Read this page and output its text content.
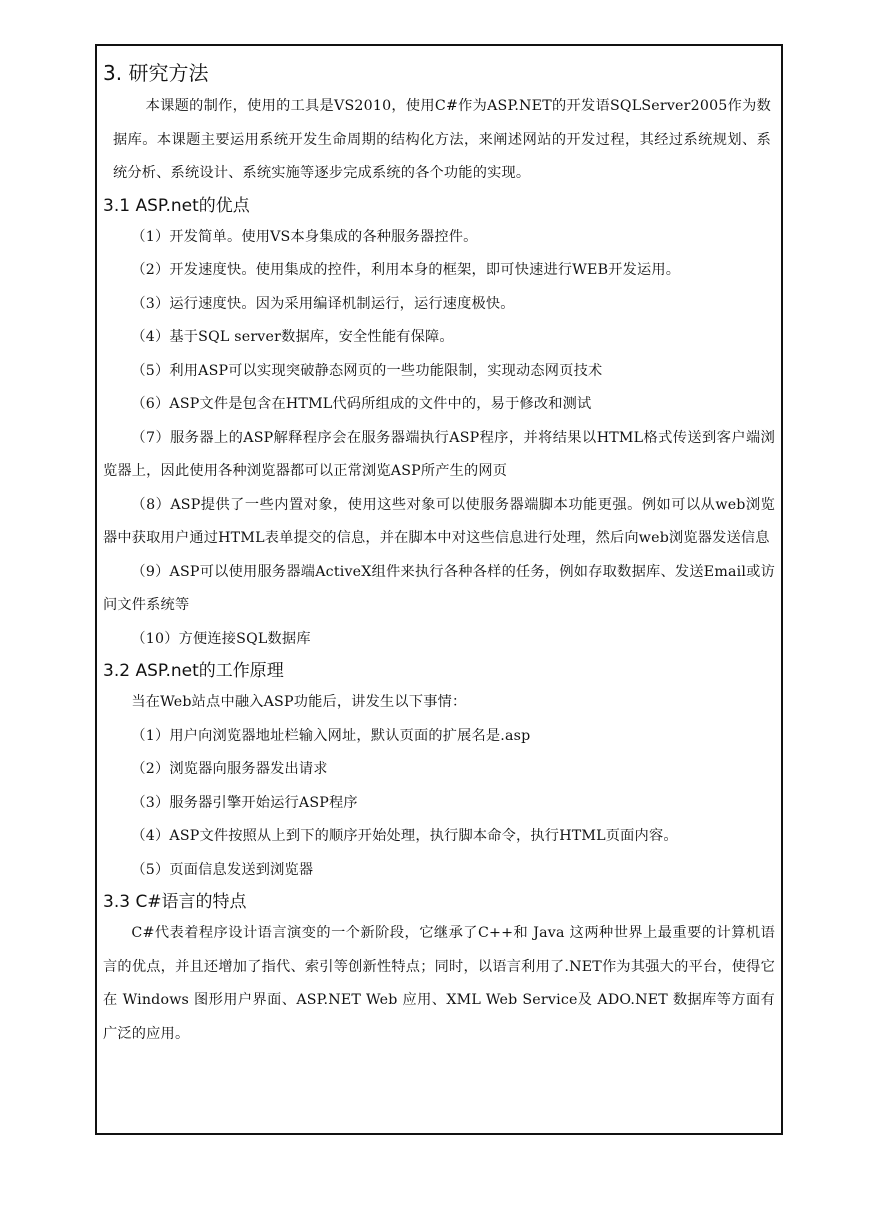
3. 研究方法

本课题的制作，使用的工具是VS2010，使用C#作为ASP.NET的开发语SQLServer2005作为数据库。本课题主要运用系统开发生命周期的结构化方法，来阐述网站的开发过程，其经过系统规划、系统分析、系统设计、系统实施等逐步完成系统的各个功能的实现。

3.1 ASP.net的优点

（1）开发简单。使用VS本身集成的各种服务器控件。

（2）开发速度快。使用集成的控件，利用本身的框架，即可快速进行WEB开发运用。

（3）运行速度快。因为采用编译机制运行，运行速度极快。

（4）基于SQL server数据库，安全性能有保障。

（5）利用ASP可以实现突破静态网页的一些功能限制，实现动态网页技术

（6）ASP文件是包含在HTML代码所组成的文件中的，易于修改和测试

（7）服务器上的ASP解释程序会在服务器端执行ASP程序，并将结果以HTML格式传送到客户端浏览器上，因此使用各种浏览器都可以正常浏览ASP所产生的网页

（8）ASP提供了一些内置对象，使用这些对象可以使服务器端脚本功能更强。例如可以从web浏览器中获取用户通过HTML表单提交的信息，并在脚本中对这些信息进行处理，然后向web浏览器发送信息

（9）ASP可以使用服务器端ActiveX组件来执行各种各样的任务，例如存取数据库、发送Email或访问文件系统等

（10）方便连接SQL数据库

3.2 ASP.net的工作原理

当在Web站点中融入ASP功能后，讲发生以下事情：

（1）用户向浏览器地址栏输入网址，默认页面的扩展名是.asp

（2）浏览器向服务器发出请求

（3）服务器引擎开始运行ASP程序

（4）ASP文件按照从上到下的顺序开始处理，执行脚本命令，执行HTML页面内容。

（5）页面信息发送到浏览器

3.3 C#语言的特点

C#代表着程序设计语言演变的一个新阶段，它继承了C++和 Java 这两种世界上最重要的计算机语言的优点，并且还增加了指代、索引等创新性特点；同时，以语言利用了.NET作为其强大的平台，使得它在 Windows 图形用户界面、ASP.NET Web 应用、XML Web Service及 ADO.NET 数据库等方面有广泛的应用。
